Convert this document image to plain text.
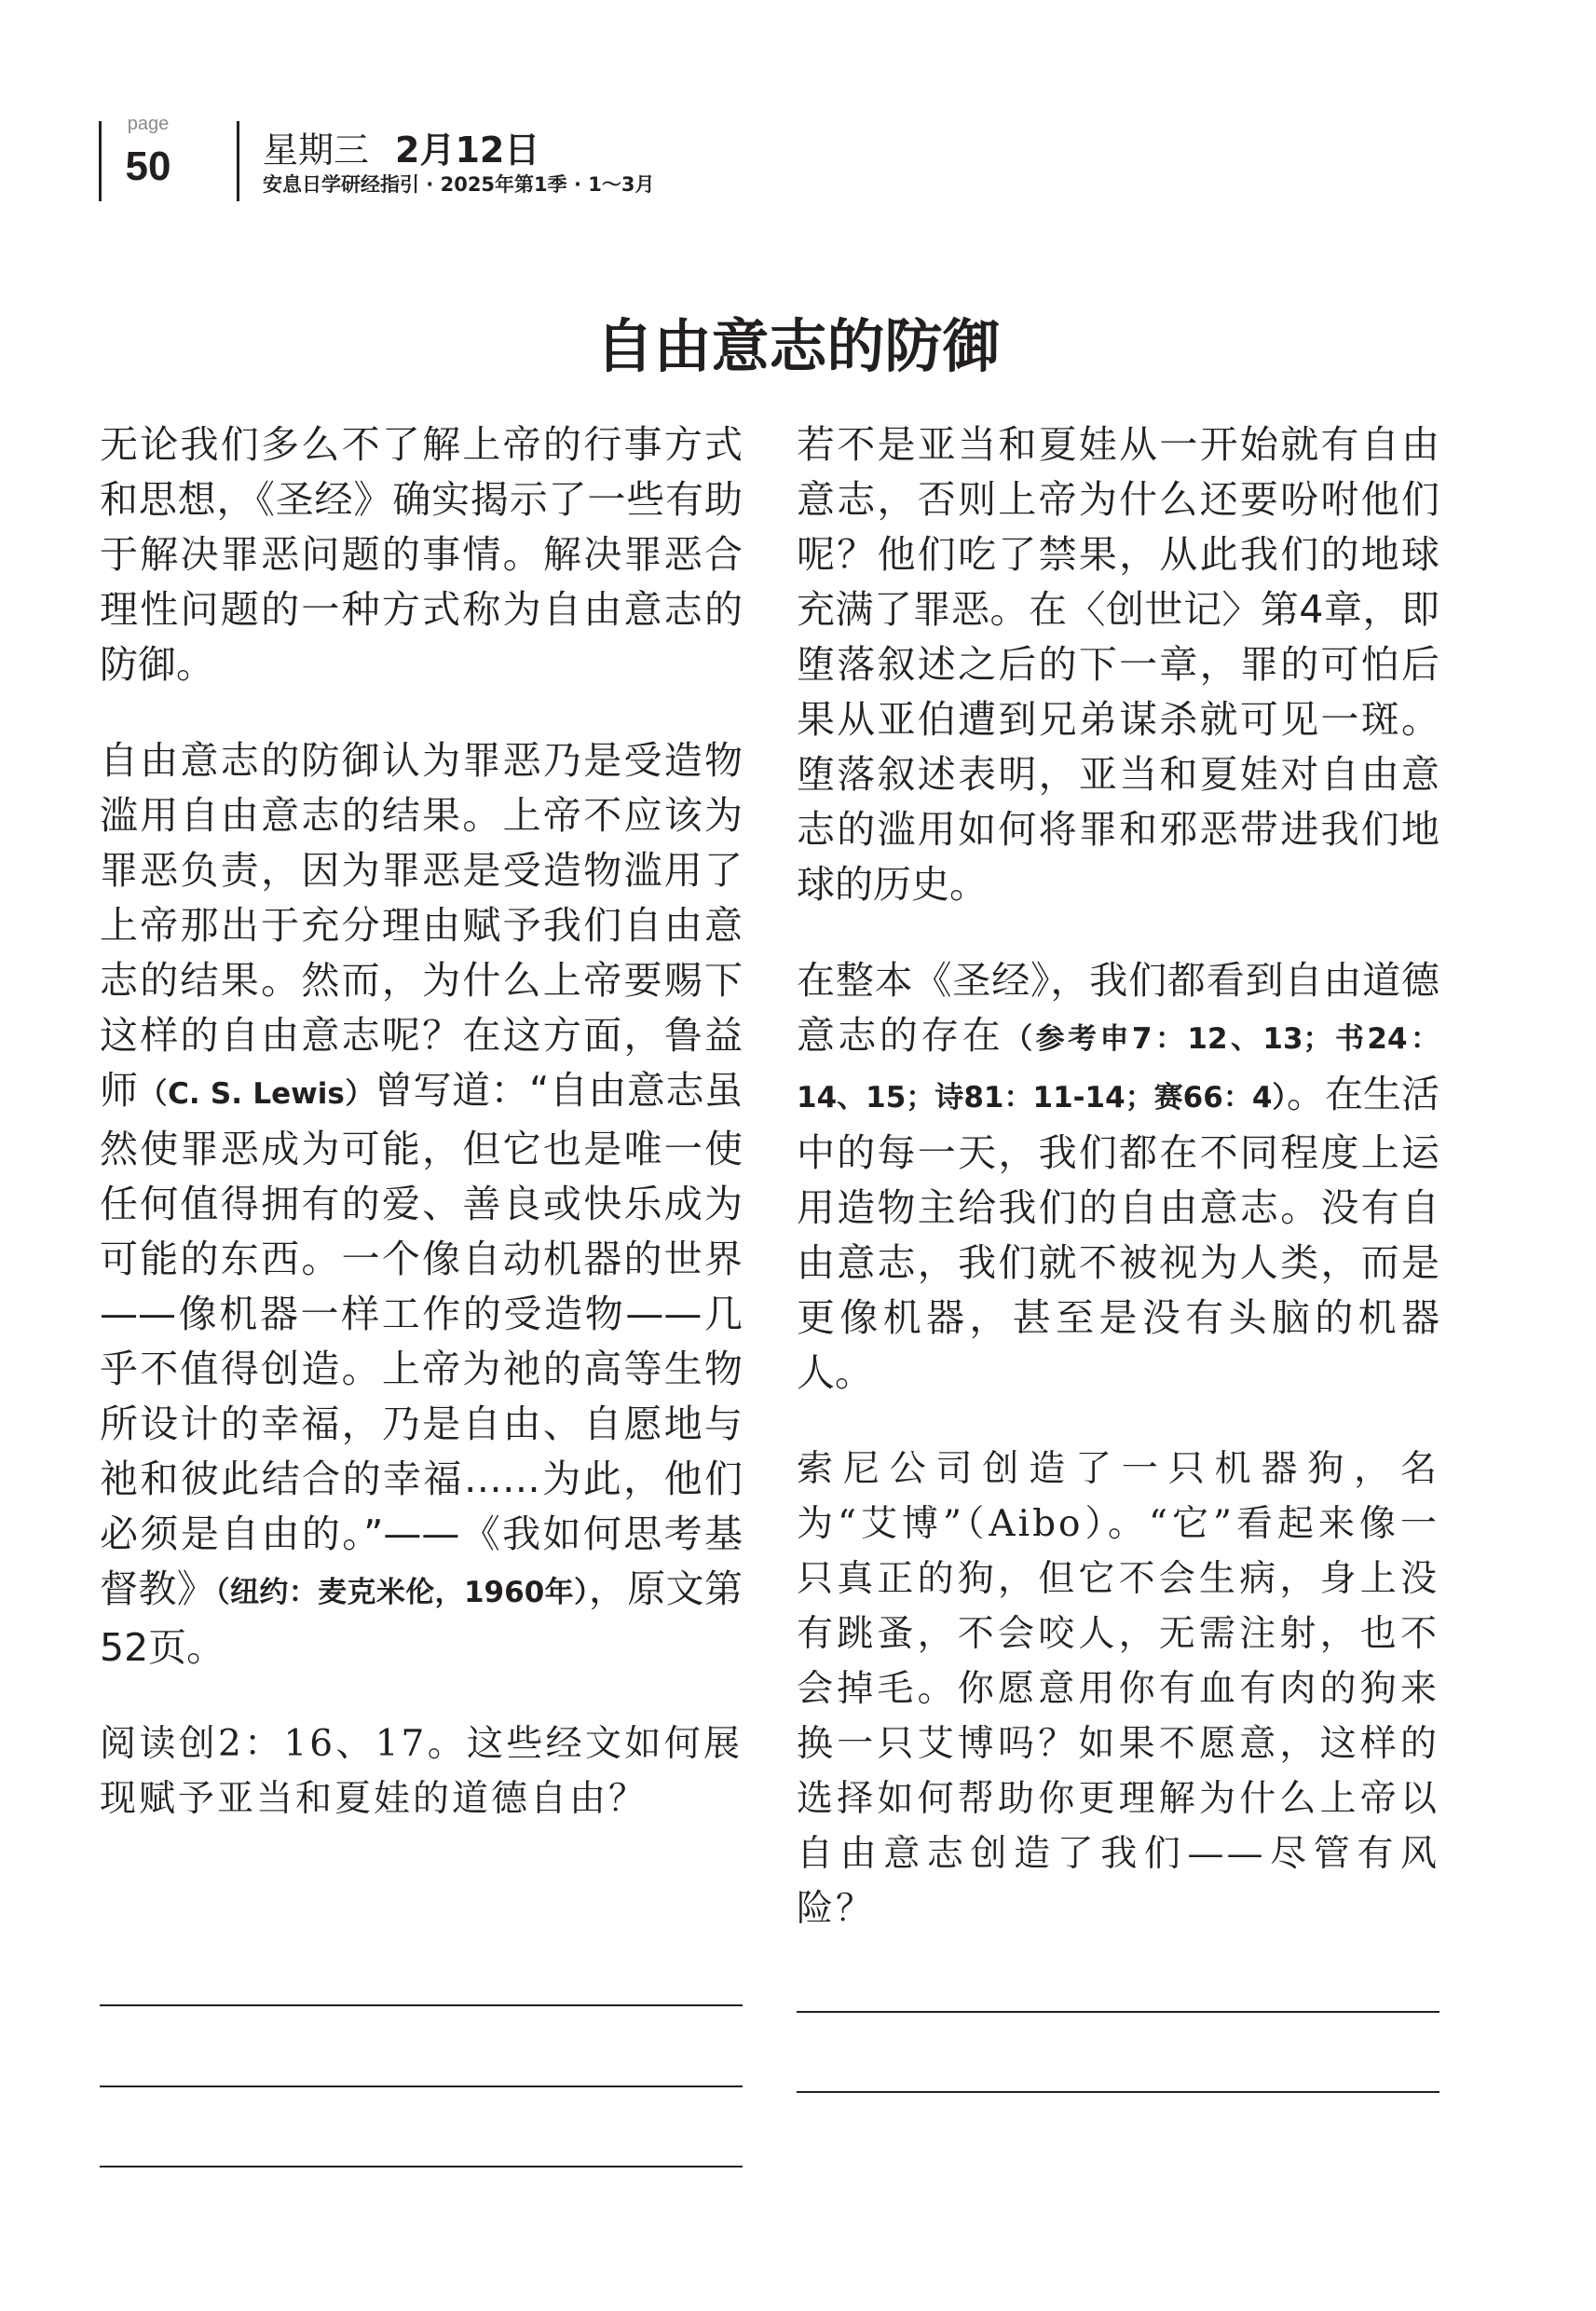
page
50	星期三 2月12日
安息日学研经指引 · 2025年第1季 · 1～3月
自由意志的防御

无论我们多么不了解上帝的行事方式和思想，《圣经》确实揭示了一些有助于解决罪恶问题的事情。解决罪恶合理性问题的一种方式称为自由意志的防御。

自由意志的防御认为罪恶乃是受造物滥用自由意志的结果。上帝不应该为罪恶负责，因为罪恶是受造物滥用了上帝那出于充分理由赋予我们自由意志的结果。然而，为什么上帝要赐下这样的自由意志呢？在这方面，鲁益师（C. S. Lewis）曾写道：“自由意志虽然使罪恶成为可能，但它也是唯一使任何值得拥有的爱、善良或快乐成为可能的东西。一个像自动机器的世界——像机器一样工作的受造物——几乎不值得创造。上帝为祂的高等生物所设计的幸福，乃是自由、自愿地与祂和彼此结合的幸福……为此，他们必须是自由的。”——《我如何思考基督教》（纽约：麦克米伦，1960年），原文第52页。

阅读创2：16、17。这些经文如何展现赋予亚当和夏娃的道德自由？

若不是亚当和夏娃从一开始就有自由意志，否则上帝为什么还要吩咐他们呢？他们吃了禁果，从此我们的地球充满了罪恶。在〈创世记〉第4章，即堕落叙述之后的下一章，罪的可怕后果从亚伯遭到兄弟谋杀就可见一斑。堕落叙述表明，亚当和夏娃对自由意志的滥用如何将罪和邪恶带进我们地球的历史。

在整本《圣经》，我们都看到自由道德意志的存在（参考申7：12、13；书24：14、15；诗81：11-14；赛66：4）。在生活中的每一天，我们都在不同程度上运用造物主给我们的自由意志。没有自由意志，我们就不被视为人类，而是更像机器，甚至是没有头脑的机器人。

索尼公司创造了一只机器狗，名为“艾博”（Aibo）。“它”看起来像一只真正的狗，但它不会生病，身上没有跳蚤，不会咬人，无需注射，也不会掉毛。你愿意用你有血有肉的狗来换一只艾博吗？如果不愿意，这样的选择如何帮助你更理解为什么上帝以自由意志创造了我们——尽管有风险？
